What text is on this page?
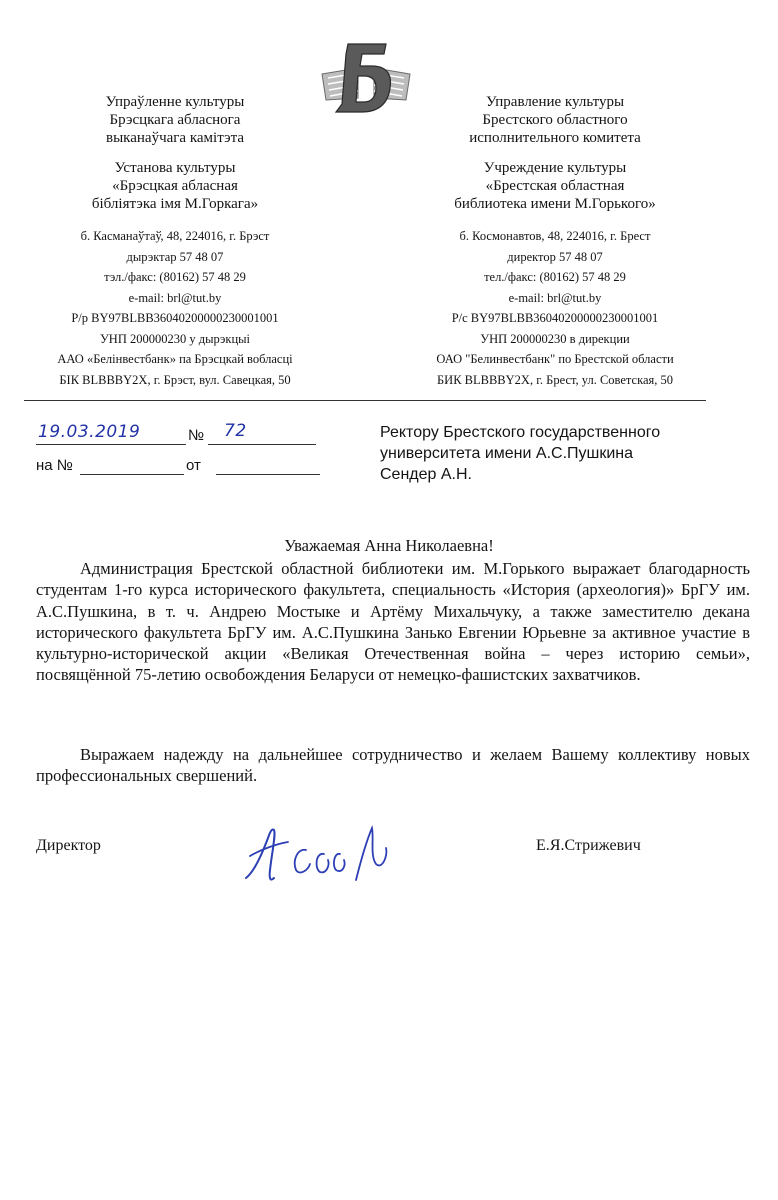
Упраўленне культуры
Брэсцкага абласнога
выканаўчага камітэта
Установа культуры
«Брэсцкая абласная
бібліятэка імя М.Горкага»
б. Касманаўтаў, 48, 224016, г. Брэст
дырэктар 57 48 07
тэл./факс: (80162) 57 48 29
e-mail: brl@tut.by
Р/р BY97BLBB36040200000230001001
УНП 200000230 у дырэкцыі
ААО «Белінвестбанк» па Брэсцкай вобласці
БІК BLBBBY2X, г. Брэст, вул. Савецкая, 50
Управление культуры
Брестского областного
исполнительного комитета
Учреждение культуры
«Брестская областная
библиотека имени М.Горького»
б. Космонавтов, 48, 224016, г. Брест
директор 57 48 07
тел./факс: (80162) 57 48 29
e-mail: brl@tut.by
Р/с BY97BLBB36040200000230001001
УНП 200000230 в дирекции
ОАО "Белинвестбанк" по Брестской области
БИК BLBBBY2X, г. Брест, ул. Советская, 50
19.03.2019	№ 72
на №	от
Ректору Брестского государственного
университета имени А.С.Пушкина
Сендер А.Н.
Уважаемая Анна Николаевна!
Администрация Брестской областной библиотеки им. М.Горького выражает благодарность студентам 1-го курса исторического факультета, специальность «История (археология)» БрГУ им. А.С.Пушкина, в т. ч. Андрею Мостыке и Артёму Михальчуку, а также заместителю декана исторического факультета БрГУ им. А.С.Пушкина Занько Евгении Юрьевне за активное участие в культурно-исторической акции «Великая Отечественная война – через историю семьи», посвящённой 75-летию освобождения Беларуси от немецко-фашистских захватчиков.
Выражаем надежду на дальнейшее сотрудничество и желаем Вашему коллективу новых профессиональных свершений.
Директор	Е.Я.Стрижевич
